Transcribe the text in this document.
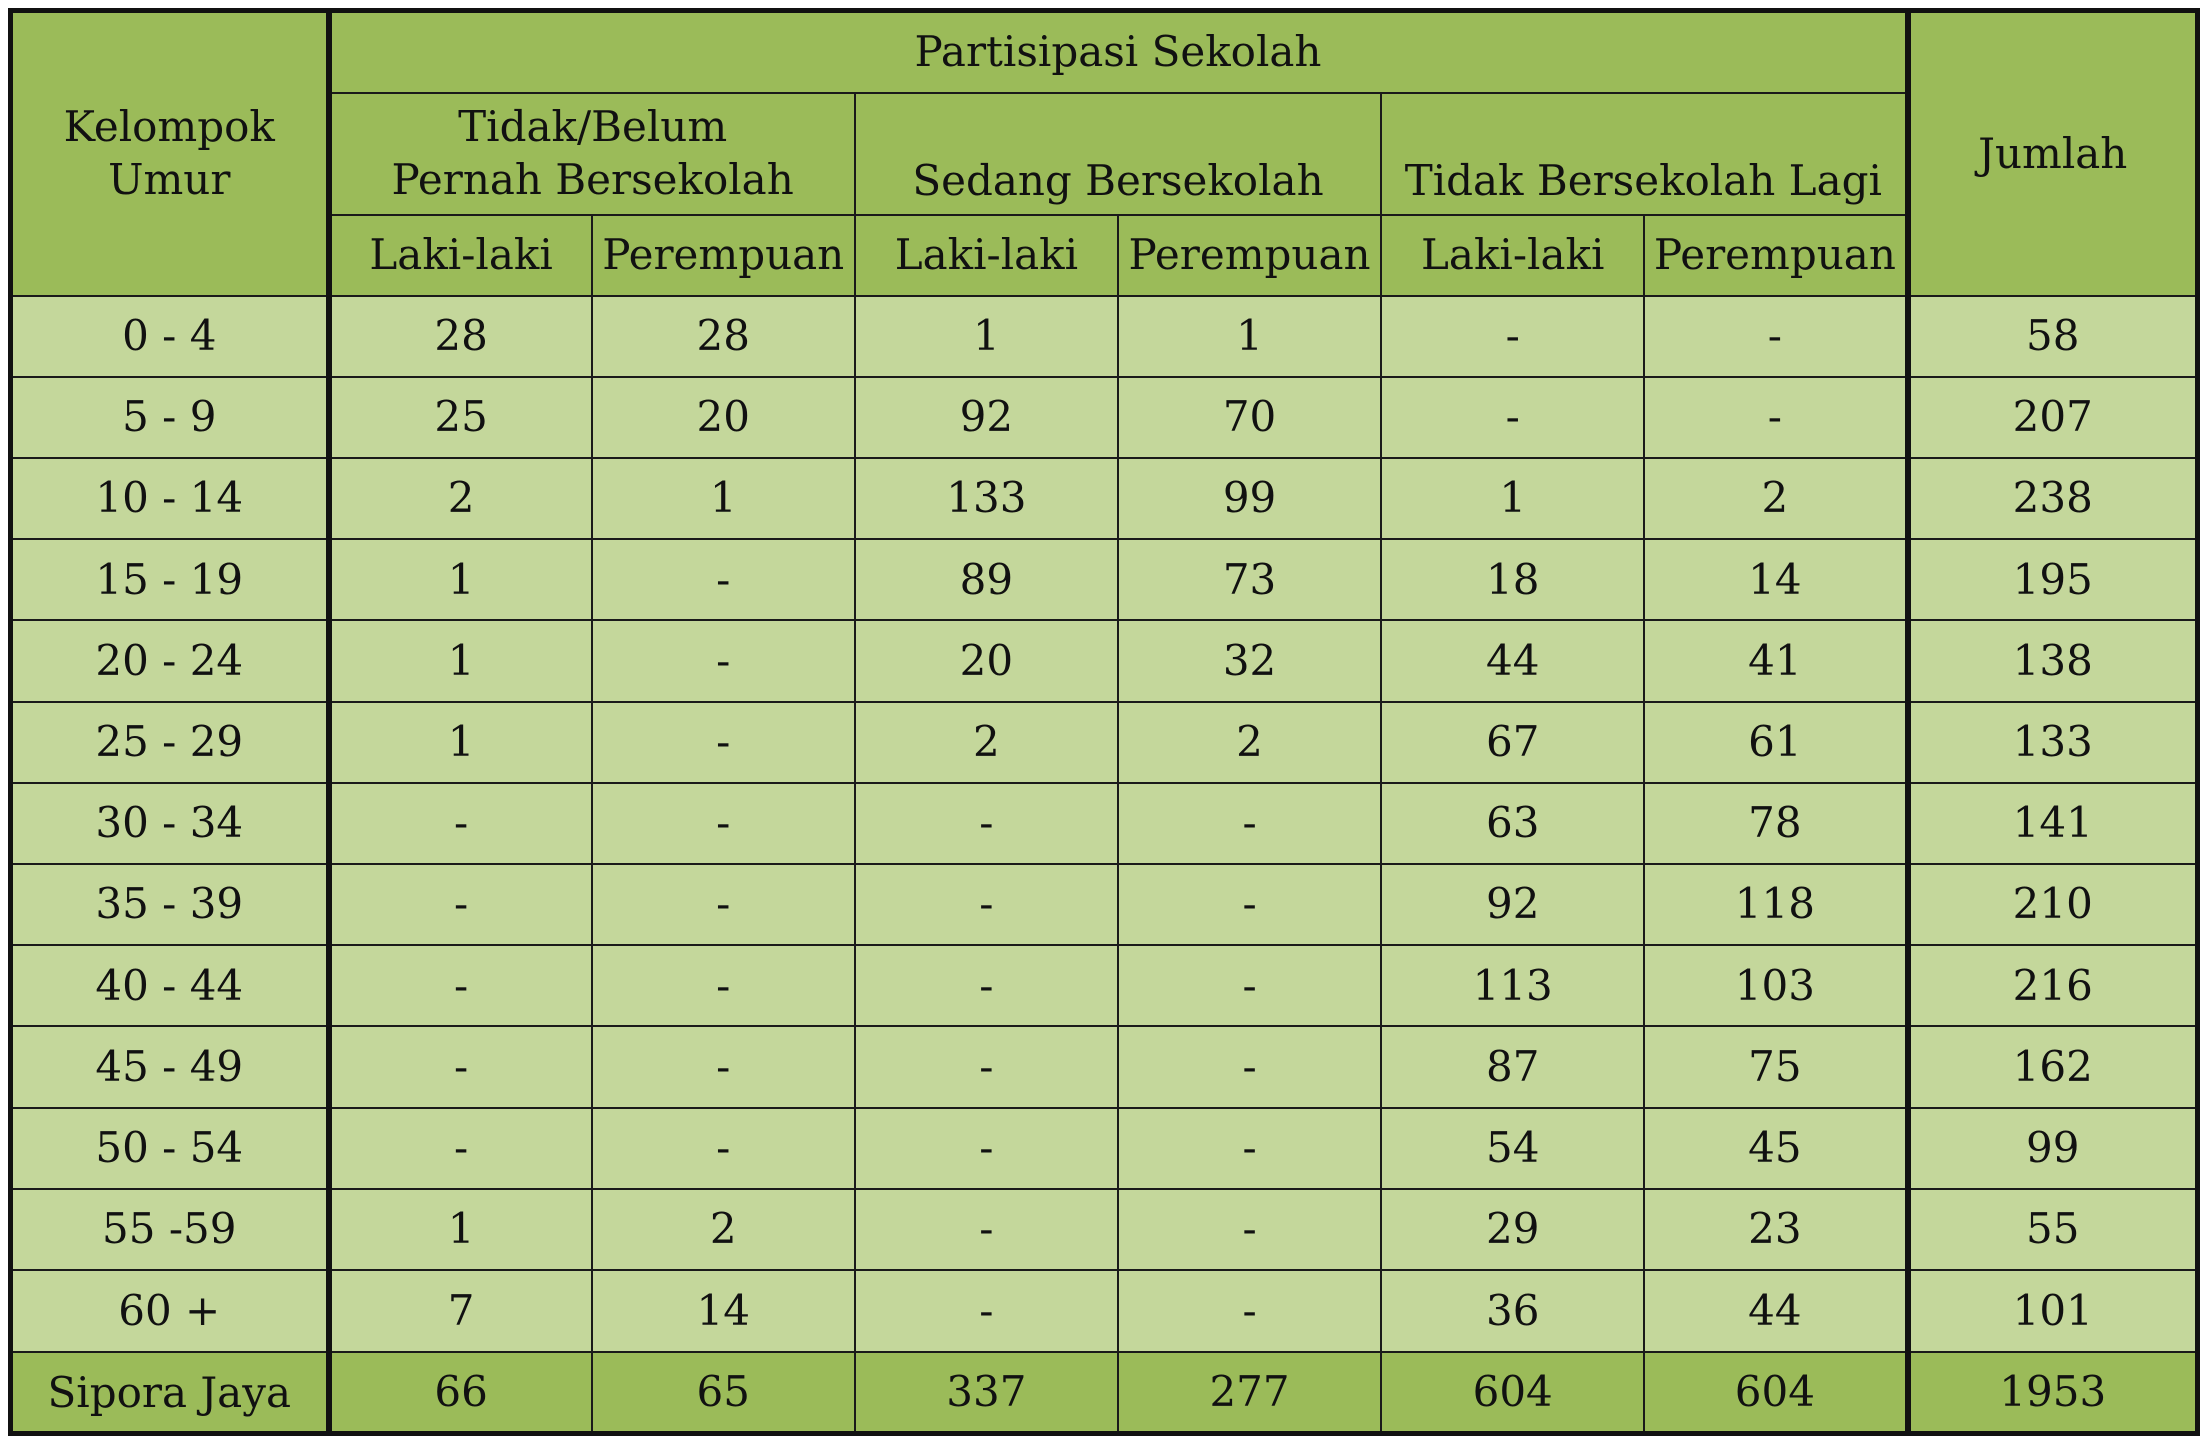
Kelompok Umur	Partisipasi Sekolah						Jumlah
	Tidak/Belum Pernah Bersekolah		Sedang Bersekolah		Tidak Bersekolah Lagi		
	Laki-laki	Perempuan	Laki-laki	Perempuan	Laki-laki	Perempuan	
0 - 4	28	28	1	1	-	-	58
5 - 9	25	20	92	70	-	-	207
10 - 14	2	1	133	99	1	2	238
15 - 19	1	-	89	73	18	14	195
20 - 24	1	-	20	32	44	41	138
25 - 29	1	-	2	2	67	61	133
30 - 34	-	-	-	-	63	78	141
35 - 39	-	-	-	-	92	118	210
40 - 44	-	-	-	-	113	103	216
45 - 49	-	-	-	-	87	75	162
50 - 54	-	-	-	-	54	45	99
55 -59	1	2	-	-	29	23	55
60 +	7	14	-	-	36	44	101
Sipora Jaya	66	65	337	277	604	604	1953
